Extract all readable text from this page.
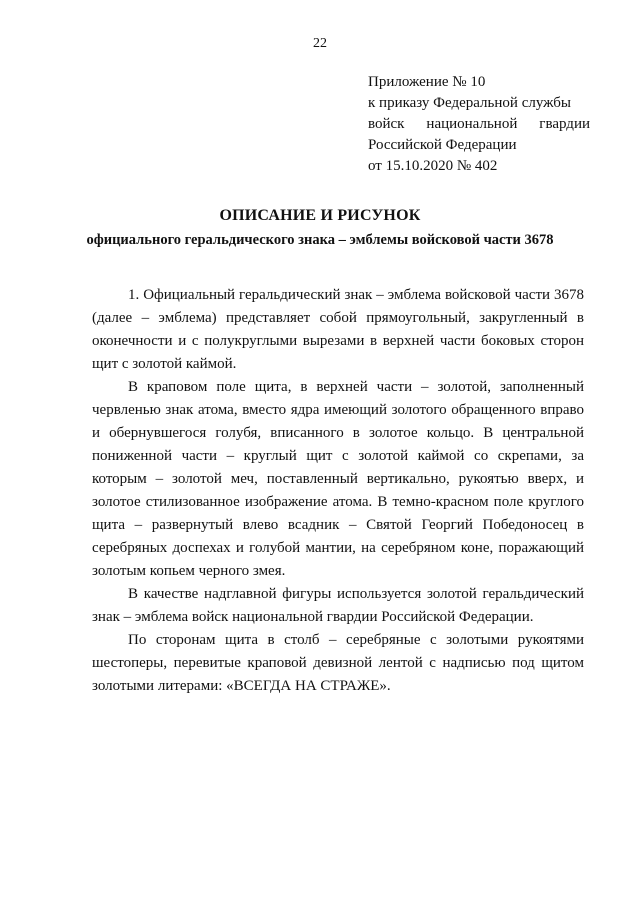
22
Приложение № 10
к приказу Федеральной службы
войск национальной гвардии
Российской Федерации
от 15.10.2020 № 402
ОПИСАНИЕ И РИСУНОК
официального геральдического знака – эмблемы войсковой части 3678

1. Официальный геральдический знак – эмблема войсковой части 3678 (далее – эмблема) представляет собой прямоугольный, закругленный в оконечности и с полукруглыми вырезами в верхней части боковых сторон щит с золотой каймой.

В краповом поле щита, в верхней части – золотой, заполненный червленью знак атома, вместо ядра имеющий золотого обращенного вправо и обернувшегося голубя, вписанного в золотое кольцо. В центральной пониженной части – круглый щит с золотой каймой со скрепами, за которым – золотой меч, поставленный вертикально, рукоятью вверх, и золотое стилизованное изображение атома. В темно-красном поле круглого щита – развернутый влево всадник – Святой Георгий Победоносец в серебряных доспехах и голубой мантии, на серебряном коне, поражающий золотым копьем черного змея.

В качестве надглавной фигуры используется золотой геральдический знак – эмблема войск национальной гвардии Российской Федерации.

По сторонам щита в столб – серебряные с золотыми рукоятями шестоперы, перевитые краповой девизной лентой с надписью под щитом золотыми литерами: «ВСЕГДА НА СТРАЖЕ».
